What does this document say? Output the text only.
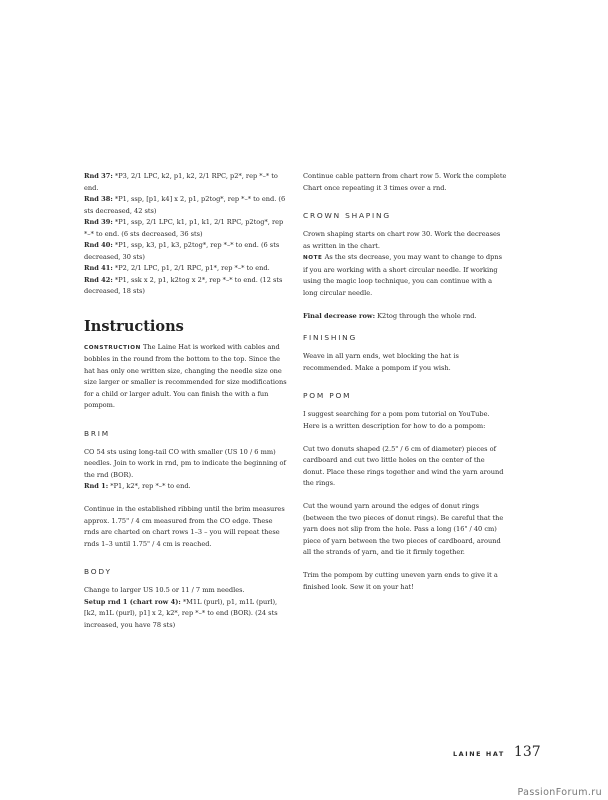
Rnd 37: *P3, 2/1 LPC, k2, p1, k2, 2/1 RPC, p2*, rep *–* to end.

Rnd 38: *P1, ssp, [p1, k4] x 2, p1, p2tog*, rep *–* to end. (6 sts decreased, 42 sts)

Rnd 39: *P1, ssp, 2/1 LPC, k1, p1, k1, 2/1 RPC, p2tog*, rep *–* to end. (6 sts decreased, 36 sts)

Rnd 40: *P1, ssp, k3, p1, k3, p2tog*, rep *–* to end. (6 sts decreased, 30 sts)

Rnd 41: *P2, 2/1 LPC, p1, 2/1 RPC, p1*, rep *–* to end.

Rnd 42: *P1, ssk x 2, p1, k2tog x 2*, rep *–* to end. (12 sts decreased, 18 sts)

Instructions

CONSTRUCTION The Laine Hat is worked with cables and bobbles in the round from the bottom to the top. Since the hat has only one written size, changing the needle size one size larger or smaller is recommended for size modifications for a child or larger adult. You can finish the with a fun pompom.

BRIM

CO 54 sts using long-tail CO with smaller (US 10 / 6 mm) needles. Join to work in rnd, pm to indicate the beginning of the rnd (BOR).

Rnd 1: *P1, k2*, rep *–* to end.

Continue in the established ribbing until the brim measures approx. 1.75" / 4 cm measured from the CO edge. These rnds are charted on chart rows 1–3 – you will repeat these rnds 1–3 until 1.75" / 4 cm is reached.

BODY

Change to larger US 10.5 or 11 / 7 mm needles.

Setup rnd 1 (chart row 4): *M1L (purl), p1, m1L (purl), [k2, m1L (purl), p1] x 2, k2*, rep *–* to end (BOR). (24 sts increased, you have 78 sts)

Continue cable pattern from chart row 5. Work the complete Chart once repeating it 3 times over a rnd.

CROWN SHAPING

Crown shaping starts on chart row 30. Work the decreases as written in the chart.

NOTE As the sts decrease, you may want to change to dpns if you are working with a short circular needle. If working using the magic loop technique, you can continue with a long circular needle.

Final decrease row: K2tog through the whole rnd.

FINISHING

Weave in all yarn ends, wet blocking the hat is recommended. Make a pompom if you wish.

POM POM

I suggest searching for a pom pom tutorial on YouTube. Here is a written description for how to do a pompom:

Cut two donuts shaped (2.5" / 6 cm of diameter) pieces of cardboard and cut two little holes on the center of the donut. Place these rings together and wind the yarn around the rings.

Cut the wound yarn around the edges of donut rings (between the two pieces of donut rings). Be careful that the yarn does not slip from the hole. Pass a long (16" / 40 cm) piece of yarn between the two pieces of cardboard, around all the strands of yarn, and tie it firmly together.

Trim the pompom by cutting uneven yarn ends to give it a finished look. Sew it on your hat!

LAINE HAT 137
PassionForum.ru
